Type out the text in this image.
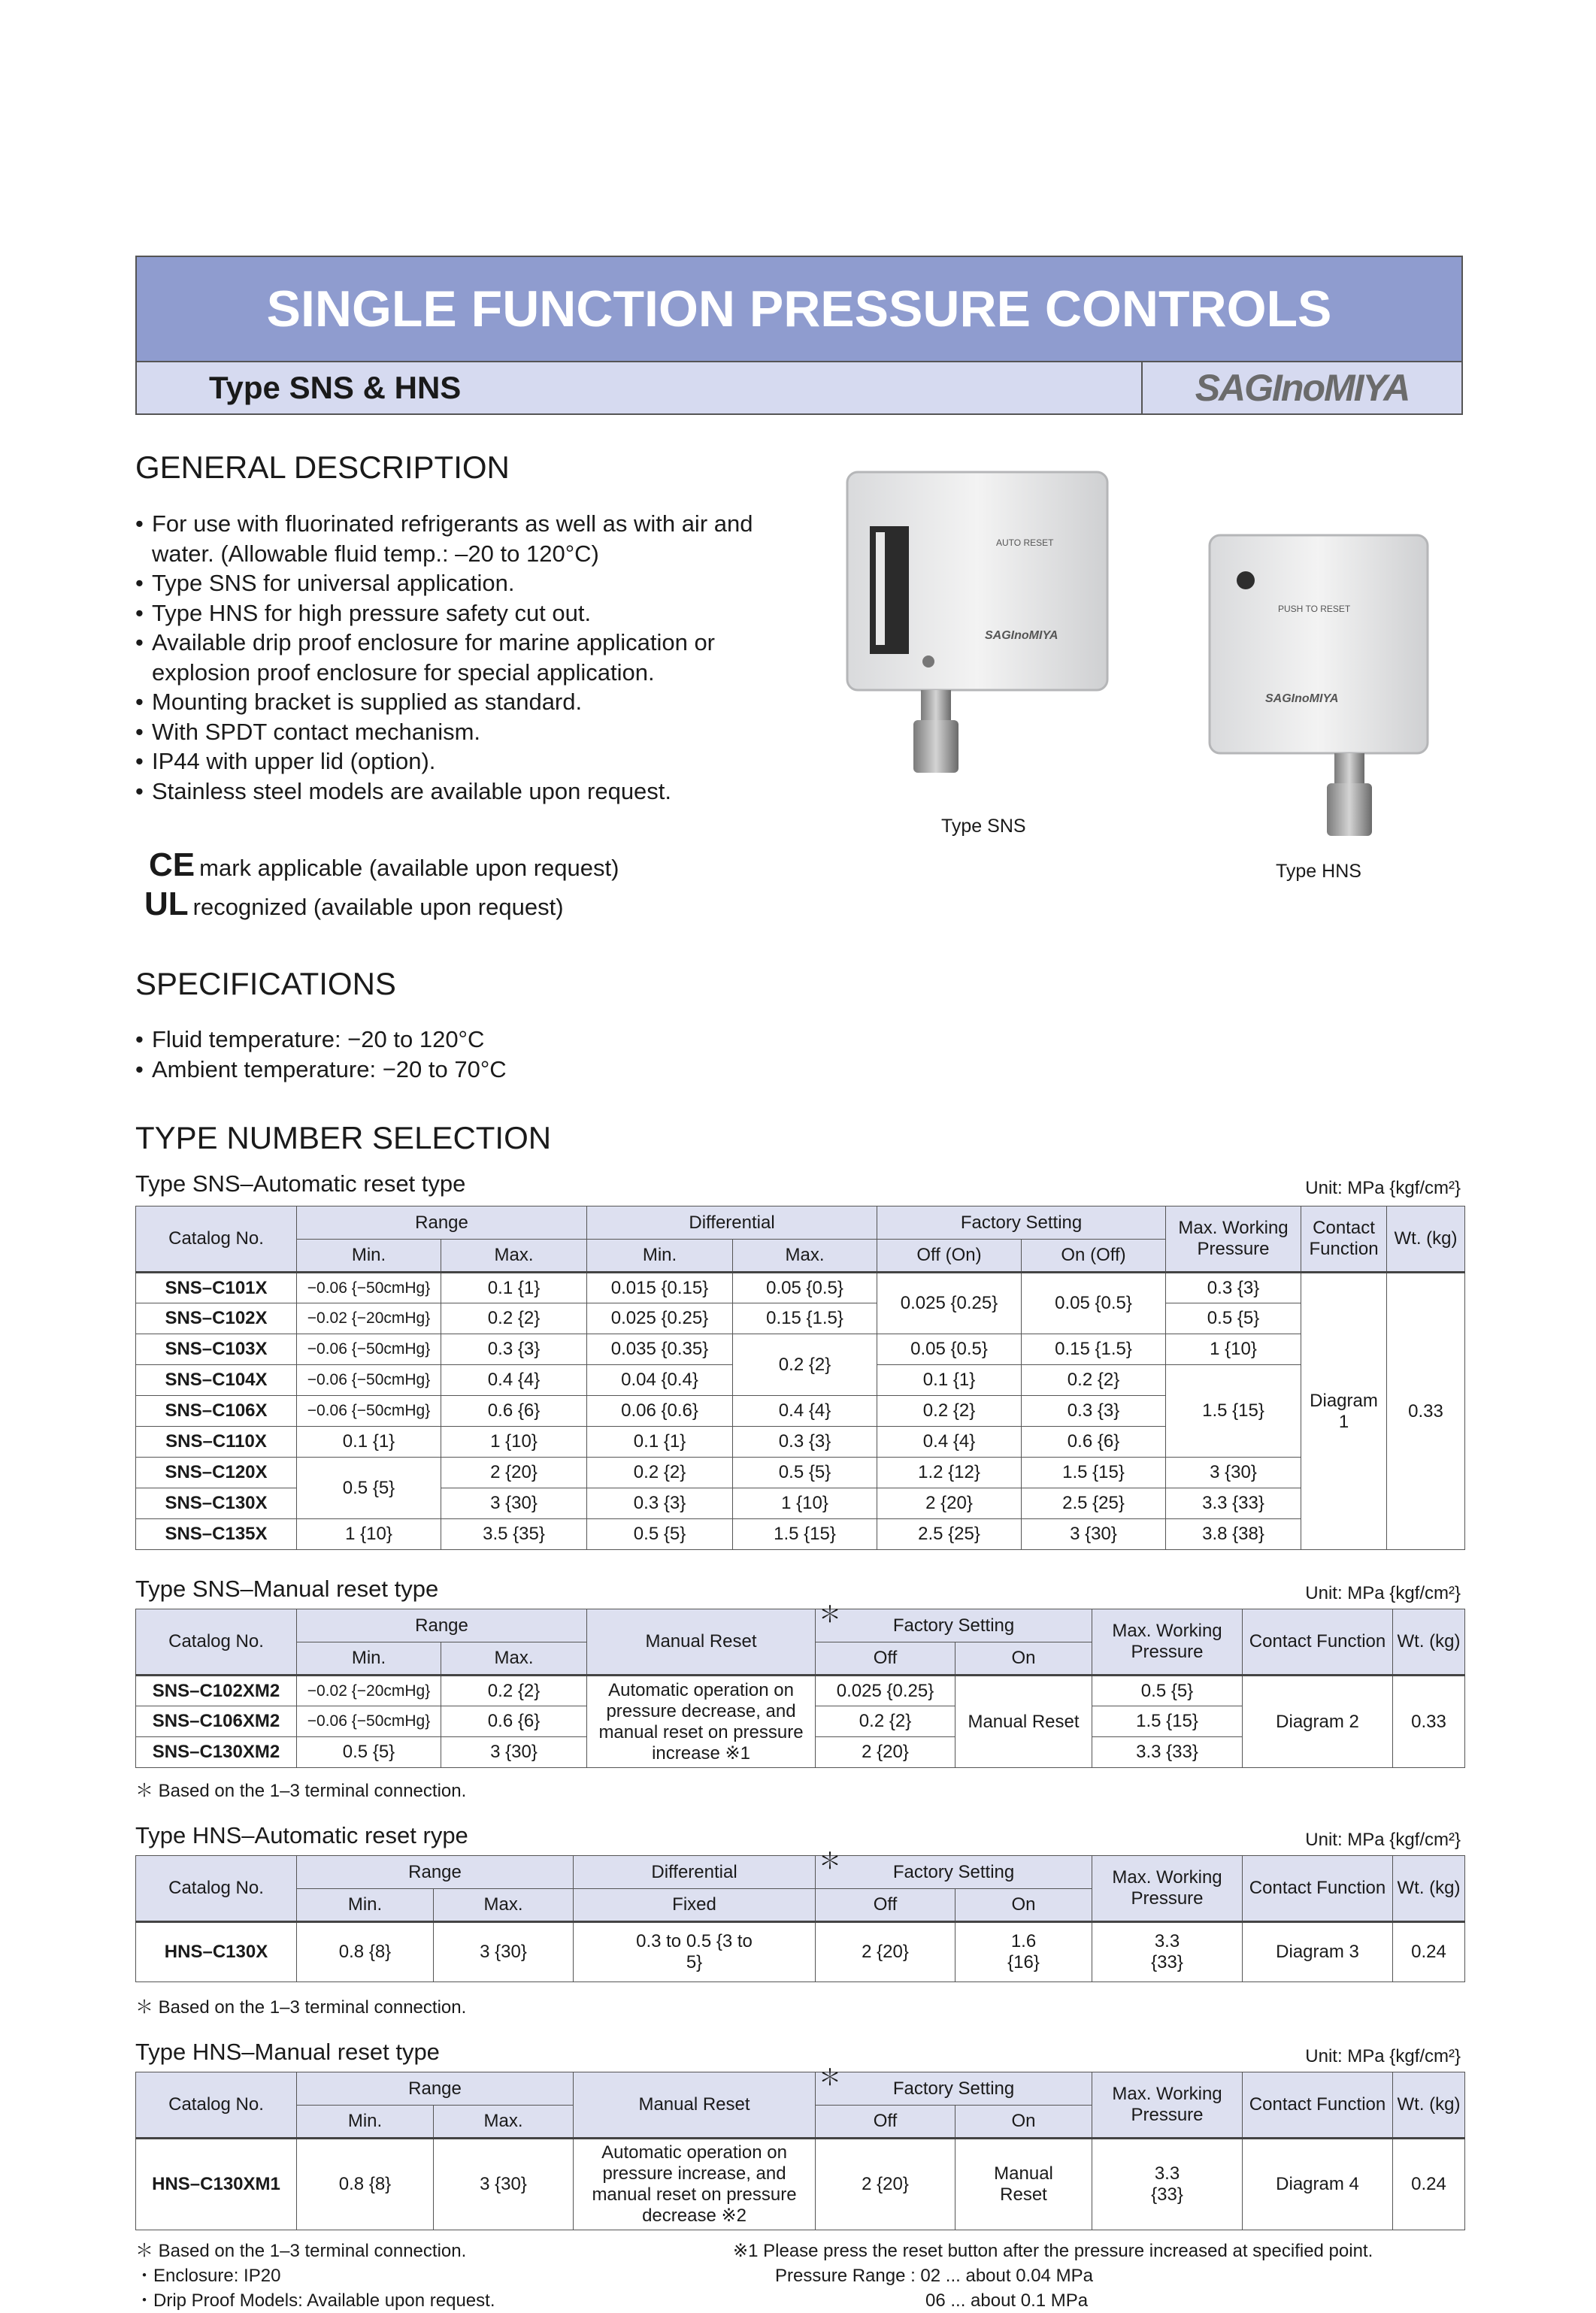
SINGLE FUNCTION PRESSURE CONTROLS
Type SNS & HNS	SAGInoMIYA
GENERAL DESCRIPTION
• For use with fluorinated refrigerants as well as with air and water. (Allowable fluid temp.: –20 to 120°C)
• Type SNS for universal application.
• Type HNS for high pressure safety cut out.
• Available drip proof enclosure for marine application or explosion proof enclosure for special application.
• Mounting bracket is supplied as standard.
• With SPDT contact mechanism.
• IP44 with upper lid (option).
• Stainless steel models are available upon request.
CE mark applicable (available upon request)
UL recognized (available upon request)
AUTO RESET
SAGInoMIYA
Type SNS
PUSH TO RESET
SAGInoMIYA
Type HNS
SPECIFICATIONS
• Fluid temperature: −20 to 120°C
• Ambient temperature: −20 to 70°C
TYPE NUMBER SELECTION
Type SNS–Automatic reset type	Unit: MPa {kgf/cm²}
Catalog No.	Range		Differential		Factory Setting		Max. Working Pressure	Contact Function	Wt. (kg)
	Min.	Max.	Min.	Max.	Off (On)	On (Off)			
SNS–C101X	−0.06 {−50cmHg}	0.1 {1}	0.015 {0.15}	0.05 {0.5}	0.025 {0.25}	0.05 {0.5}	0.3 {3}	Diagram 1	0.33
SNS–C102X	−0.02 {−20cmHg}	0.2 {2}	0.025 {0.25}	0.15 {1.5}			0.5 {5}		
SNS–C103X	−0.06 {−50cmHg}	0.3 {3}	0.035 {0.35}	0.2 {2}	0.05 {0.5}	0.15 {1.5}	1 {10}		
SNS–C104X	−0.06 {−50cmHg}	0.4 {4}	0.04 {0.4}		0.1 {1}	0.2 {2}	1.5 {15}		
SNS–C106X	−0.06 {−50cmHg}	0.6 {6}	0.06 {0.6}	0.4 {4}	0.2 {2}	0.3 {3}			
SNS–C110X	0.1 {1}	1 {10}	0.1 {1}	0.3 {3}	0.4 {4}	0.6 {6}			
SNS–C120X	0.5 {5}	2 {20}	0.2 {2}	0.5 {5}	1.2 {12}	1.5 {15}	3 {30}		
SNS–C130X		3 {30}	0.3 {3}	1 {10}	2 {20}	2.5 {25}	3.3 {33}		
SNS–C135X	1 {10}	3.5 {35}	0.5 {5}	1.5 {15}	2.5 {25}	3 {30}	3.8 {38}		
Type SNS–Manual reset type	Unit: MPa {kgf/cm²}
Catalog No.	Range		Manual Reset	＊ Factory Setting		Max. Working Pressure	Contact Function	Wt. (kg)
	Min.	Max.		Off	On			
SNS–C102XM2	−0.02 {−20cmHg}	0.2 {2}	Automatic operation on pressure decrease, and manual reset on pressure increase ※1	0.025 {0.25}	Manual Reset	0.5 {5}	Diagram 2	0.33
SNS–C106XM2	−0.06 {−50cmHg}	0.6 {6}		0.2 {2}		1.5 {15}		
SNS–C130XM2	0.5 {5}	3 {30}		2 {20}		3.3 {33}		
＊ Based on the 1–3 terminal connection.
Type HNS–Automatic reset rype	Unit: MPa {kgf/cm²}
Catalog No.	Range		Differential	＊ Factory Setting		Max. Working Pressure	Contact Function	Wt. (kg)
	Min.	Max.	Fixed	Off	On			
HNS–C130X	0.8 {8}	3 {30}	0.3 to 0.5 {3 to 5}	2 {20}	1.6 {16}	3.3 {33}	Diagram 3	0.24
＊ Based on the 1–3 terminal connection.
Type HNS–Manual reset type	Unit: MPa {kgf/cm²}
Catalog No.	Range		Manual Reset	＊ Factory Setting		Max. Working Pressure	Contact Function	Wt. (kg)
	Min.	Max.		Off	On			
HNS–C130XM1	0.8 {8}	3 {30}	Automatic operation on pressure increase, and manual reset on pressure decrease ※2	2 {20}	Manual Reset	3.3 {33}	Diagram 4	0.24
＊ Based on the 1–3 terminal connection.
・Enclosure: IP20
・Drip Proof Models: Available upon request.
※1 Please press the reset button after the pressure increased at specified point.
Pressure Range : 02 ... about 0.04 MPa
06 ... about 0.1 MPa
